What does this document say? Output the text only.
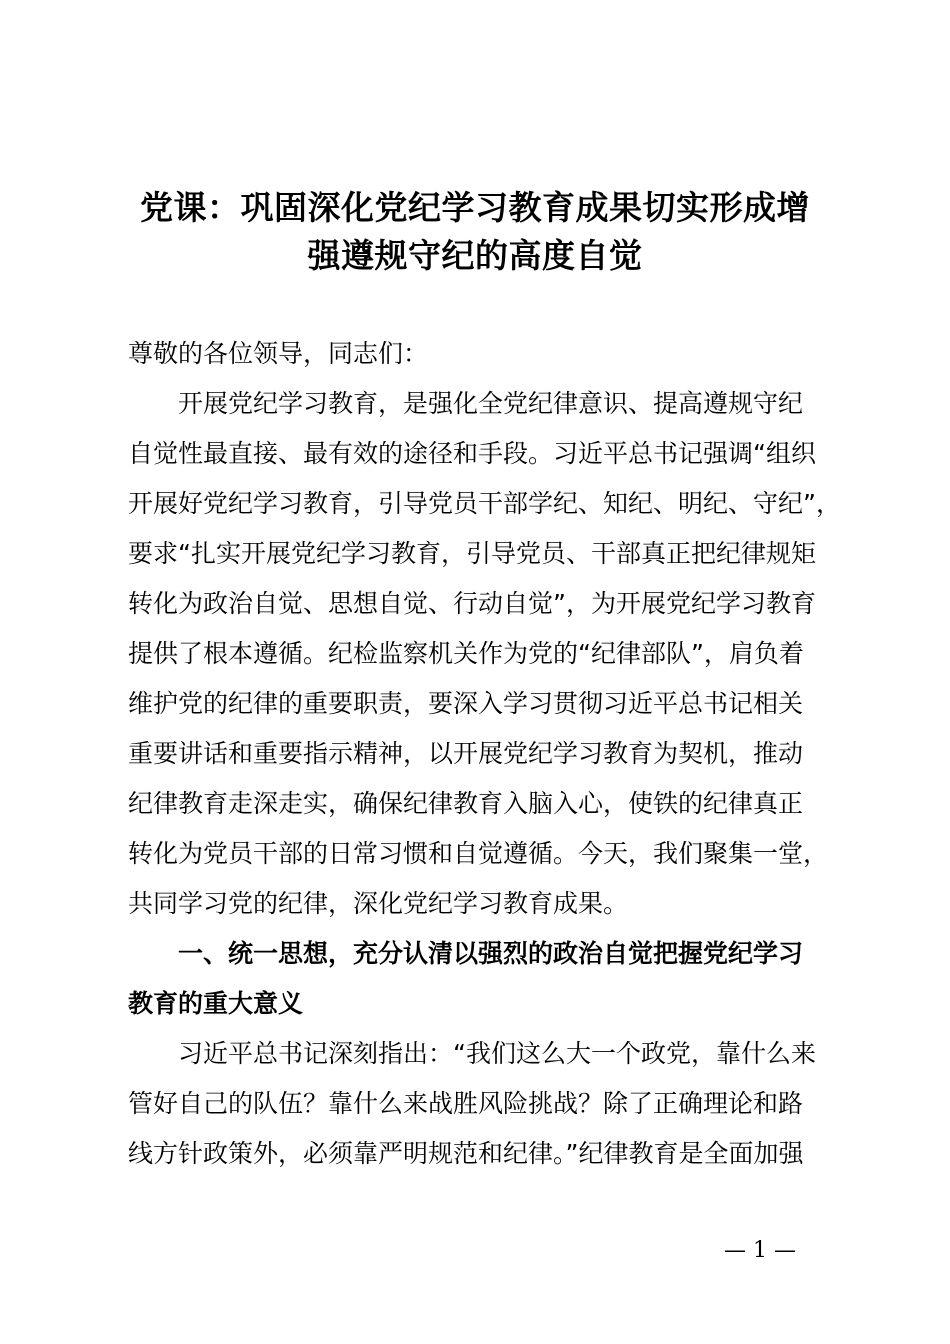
党课：巩固深化党纪学习教育成果切实形成增
强遵规守纪的高度自觉
尊敬的各位领导，同志们：
开展党纪学习教育，是强化全党纪律意识、提高遵规守纪
自觉性最直接、最有效的途径和手段。习近平总书记强调“组织
开展好党纪学习教育，引导党员干部学纪、知纪、明纪、守纪”，
要求“扎实开展党纪学习教育，引导党员、干部真正把纪律规矩
转化为政治自觉、思想自觉、行动自觉”，为开展党纪学习教育
提供了根本遵循。纪检监察机关作为党的“纪律部队”，肩负着
维护党的纪律的重要职责，要深入学习贯彻习近平总书记相关
重要讲话和重要指示精神，以开展党纪学习教育为契机，推动
纪律教育走深走实，确保纪律教育入脑入心，使铁的纪律真正
转化为党员干部的日常习惯和自觉遵循。今天，我们聚集一堂，
共同学习党的纪律，深化党纪学习教育成果。
一、统一思想，充分认清以强烈的政治自觉把握党纪学习
教育的重大意义
习近平总书记深刻指出：“我们这么大一个政党，靠什么来
管好自己的队伍？靠什么来战胜风险挑战？除了正确理论和路
线方针政策外，必须靠严明规范和纪律。”纪律教育是全面加强
— 1 —
